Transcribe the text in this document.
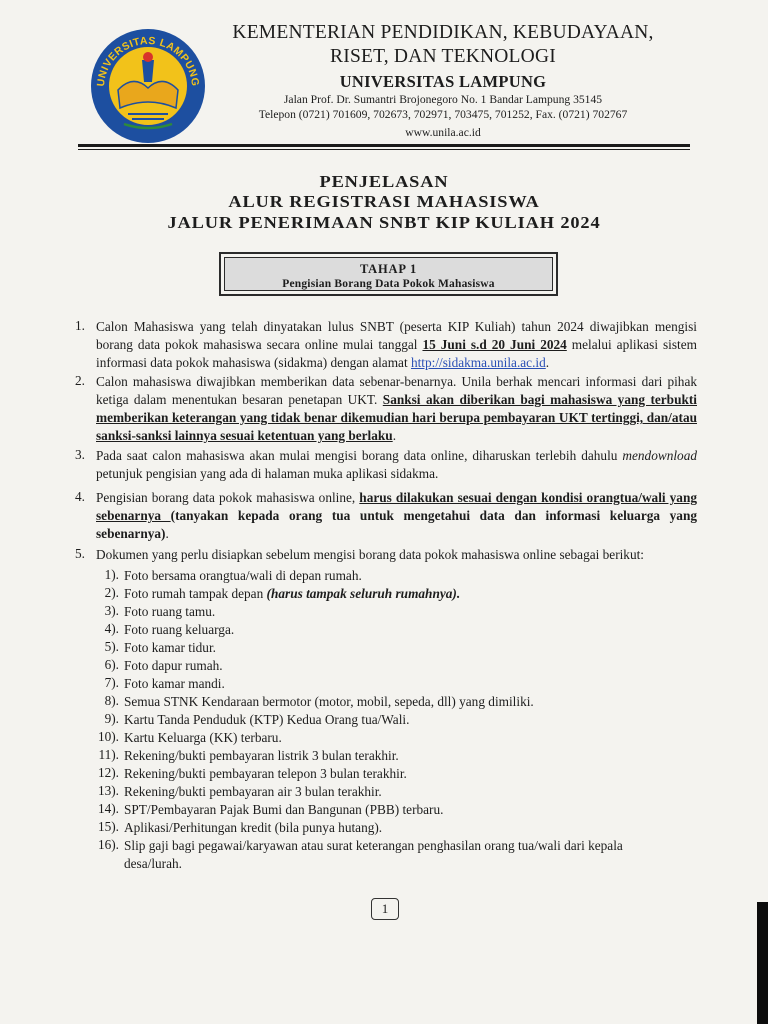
UNIVERSITAS LAMPUNG
KEMENTERIAN PENDIDIKAN, KEBUDAYAAN,
RISET, DAN TEKNOLOGI
UNIVERSITAS LAMPUNG
Jalan Prof. Dr. Sumantri Brojonegoro No. 1 Bandar Lampung 35145
Telepon (0721) 701609, 702673, 702971, 703475, 701252, Fax. (0721) 702767
www.unila.ac.id
PENJELASAN
ALUR REGISTRASI MAHASISWA
JALUR PENERIMAAN SNBT KIP KULIAH 2024
TAHAP 1
Pengisian Borang Data Pokok Mahasiswa
1. Calon Mahasiswa yang telah dinyatakan lulus SNBT (peserta KIP Kuliah) tahun 2024 diwajibkan mengisi borang data pokok mahasiswa secara online mulai tanggal 15 Juni s.d 20 Juni 2024 melalui aplikasi sistem informasi data pokok mahasiswa (sidakma) dengan alamat http://sidakma.unila.ac.id.
2. Calon mahasiswa diwajibkan memberikan data sebenar-benarnya. Unila berhak mencari informasi dari pihak ketiga dalam menentukan besaran penetapan UKT. Sanksi akan diberikan bagi mahasiswa yang terbukti memberikan keterangan yang tidak benar dikemudian hari berupa pembayaran UKT tertinggi, dan/atau sanksi-sanksi lainnya sesuai ketentuan yang berlaku.
3. Pada saat calon mahasiswa akan mulai mengisi borang data online, diharuskan terlebih dahulu mendownload petunjuk pengisian yang ada di halaman muka aplikasi sidakma.
4. Pengisian borang data pokok mahasiswa online, harus dilakukan sesuai dengan kondisi orangtua/wali yang sebenarnya (tanyakan kepada orang tua untuk mengetahui data dan informasi keluarga yang sebenarnya).
5. Dokumen yang perlu disiapkan sebelum mengisi borang data pokok mahasiswa online sebagai berikut:
1). Foto bersama orangtua/wali di depan rumah.
2). Foto rumah tampak depan (harus tampak seluruh rumahnya).
3). Foto ruang tamu.
4). Foto ruang keluarga.
5). Foto kamar tidur.
6). Foto dapur rumah.
7). Foto kamar mandi.
8). Semua STNK Kendaraan bermotor (motor, mobil, sepeda, dll) yang dimiliki.
9). Kartu Tanda Penduduk (KTP) Kedua Orang tua/Wali.
10). Kartu Keluarga (KK) terbaru.
11). Rekening/bukti pembayaran listrik 3 bulan terakhir.
12). Rekening/bukti pembayaran telepon 3 bulan terakhir.
13). Rekening/bukti pembayaran air 3 bulan terakhir.
14). SPT/Pembayaran Pajak Bumi dan Bangunan (PBB) terbaru.
15). Aplikasi/Perhitungan kredit (bila punya hutang).
16). Slip gaji bagi pegawai/karyawan atau surat keterangan penghasilan orang tua/wali dari kepala desa/lurah.
1
